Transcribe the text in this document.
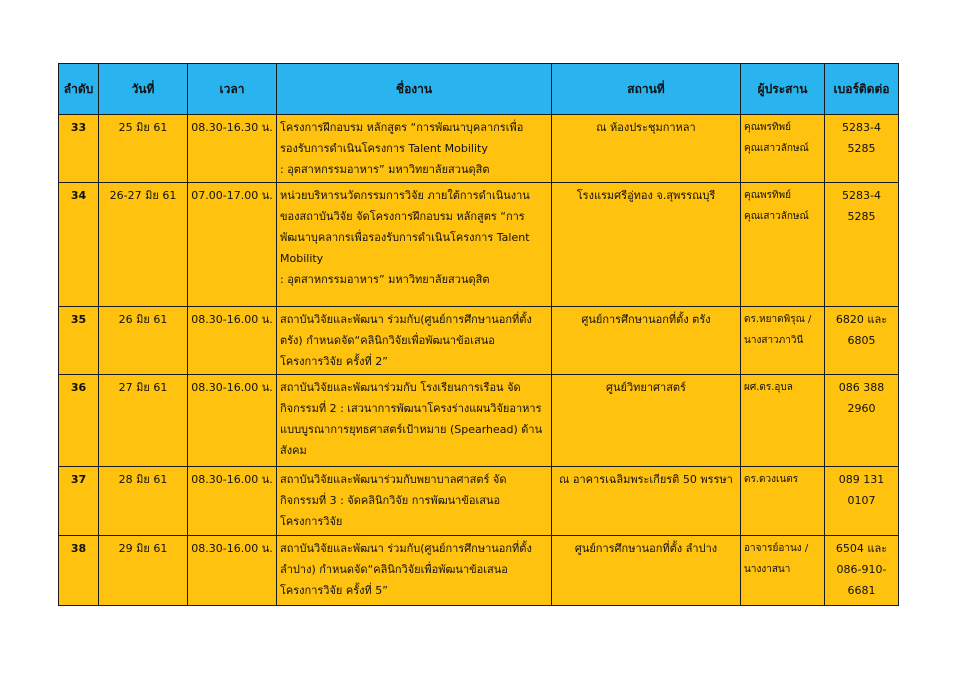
ลำดับ	วันที่	เวลา	ชื่องาน	สถานที่	ผู้ประสาน	เบอร์ติดต่อ
33	25 มิย 61	08.30-16.30 น.	โครงการฝึกอบรม หลักสูตร “การพัฒนาบุคลากรเพื่อ
รองรับการดำเนินโครงการ Talent Mobility
: อุตสาหกรรมอาหาร” มหาวิทยาลัยสวนดุสิต	ณ ห้องประชุมกาหลา	คุณพรทิพย์
คุณเสาวลักษณ์	5283-4
5285

34	26-27 มิย 61	07.00-17.00 น.	หน่วยบริหารนวัตกรรมการวิจัย ภายใต้การดำเนินงาน
ของสถาบันวิจัย จัดโครงการฝึกอบรม หลักสูตร “การ
พัฒนาบุคลากรเพื่อรองรับการดำเนินโครงการ Talent
Mobility
: อุตสาหกรรมอาหาร” มหาวิทยาลัยสวนดุสิต	โรงแรมศรีอู่ทอง จ.สุพรรณบุรี	คุณพรทิพย์
คุณเสาวลักษณ์	5283-4
5285

35	26 มิย 61	08.30-16.00 น.	สถาบันวิจัยและพัฒนา ร่วมกับ(ศูนย์การศึกษานอกที่ตั้ง
ตรัง) กำหนดจัด“คลินิกวิจัยเพื่อพัฒนาข้อเสนอ
โครงการวิจัย ครั้งที่ 2”	ศูนย์การศึกษานอกที่ตั้ง ตรัง	ดร.หยาดพิรุณ /
นางสาวภาวินี	6820 และ
6805

36	27 มิย 61	08.30-16.00 น.	สถาบันวิจัยและพัฒนาร่วมกับ โรงเรียนการเรือน จัด
กิจกรรมที่ 2 : เสวนาการพัฒนาโครงร่างแผนวิจัยอาหาร
แบบบูรณาการยุทธศาสตร์เป้าหมาย (Spearhead) ด้าน
สังคม	ศูนย์วิทยาศาสตร์	ผศ.ดร.อุบล	086 388 2960

37	28 มิย 61	08.30-16.00 น.	สถาบันวิจัยและพัฒนาร่วมกับพยาบาลศาสตร์ จัด
กิจกรรมที่ 3 : จัดคลินิกวิจัย การพัฒนาข้อเสนอ
โครงการวิจัย	ณ อาคารเฉลิมพระเกียรติ 50 พรรษา	ดร.ดวงเนตร	089 131 0107

38	29 มิย 61	08.30-16.00 น.	สถาบันวิจัยและพัฒนา ร่วมกับ(ศูนย์การศึกษานอกที่ตั้ง
ลำปาง) กำหนดจัด“คลินิกวิจัยเพื่อพัฒนาข้อเสนอ
โครงการวิจัย ครั้งที่ 5”	ศูนย์การศึกษานอกที่ตั้ง ลำปาง	อาจารย์อานง /
นางงาสนา	6504 และ
086-910-6681
